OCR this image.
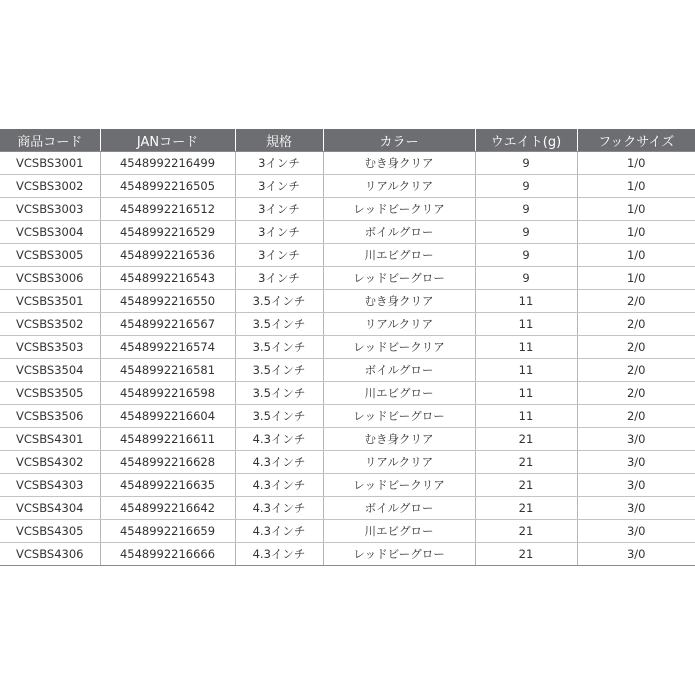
商品コード	JANコード	規格	カラー	ウエイト(g)	フックサイズ
VCSBS3001	4548992216499	3インチ	むき身クリア	9	1/0
VCSBS3002	4548992216505	3インチ	リアルクリア	9	1/0
VCSBS3003	4548992216512	3インチ	レッドビークリア	9	1/0
VCSBS3004	4548992216529	3インチ	ボイルグロー	9	1/0
VCSBS3005	4548992216536	3インチ	川エビグロー	9	1/0
VCSBS3006	4548992216543	3インチ	レッドビーグロー	9	1/0
VCSBS3501	4548992216550	3.5インチ	むき身クリア	11	2/0
VCSBS3502	4548992216567	3.5インチ	リアルクリア	11	2/0
VCSBS3503	4548992216574	3.5インチ	レッドビークリア	11	2/0
VCSBS3504	4548992216581	3.5インチ	ボイルグロー	11	2/0
VCSBS3505	4548992216598	3.5インチ	川エビグロー	11	2/0
VCSBS3506	4548992216604	3.5インチ	レッドビーグロー	11	2/0
VCSBS4301	4548992216611	4.3インチ	むき身クリア	21	3/0
VCSBS4302	4548992216628	4.3インチ	リアルクリア	21	3/0
VCSBS4303	4548992216635	4.3インチ	レッドビークリア	21	3/0
VCSBS4304	4548992216642	4.3インチ	ボイルグロー	21	3/0
VCSBS4305	4548992216659	4.3インチ	川エビグロー	21	3/0
VCSBS4306	4548992216666	4.3インチ	レッドビーグロー	21	3/0
